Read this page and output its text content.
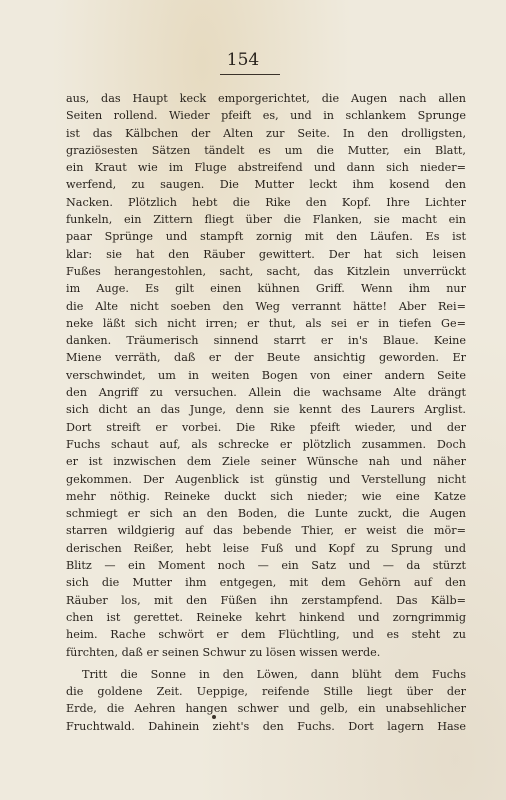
154
aus, das Haupt keck emporgerichtet, die Augen nach allen
Seiten rollend. Wieder pfeift es, und in schlankem Sprunge
ist das Kälbchen der Alten zur Seite. In den drolligsten,
graziösesten Sätzen tändelt es um die Mutter, ein Blatt,
ein Kraut wie im Fluge abstreifend und dann sich nieder=
werfend, zu saugen. Die Mutter leckt ihm kosend den
Nacken. Plötzlich hebt die Rike den Kopf. Ihre Lichter
funkeln, ein Zittern fliegt über die Flanken, sie macht ein
paar Sprünge und stampft zornig mit den Läufen. Es ist
klar: sie hat den Räuber gewittert. Der hat sich leisen
Fußes herangestohlen, sacht, sacht, das Kitzlein unverrückt
im Auge. Es gilt einen kühnen Griff. Wenn ihm nur
die Alte nicht soeben den Weg verrannt hätte! Aber Rei=
neke läßt sich nicht irren; er thut, als sei er in tiefen Ge=
danken. Träumerisch sinnend starrt er in's Blaue. Keine
Miene verräth, daß er der Beute ansichtig geworden. Er
verschwindet, um in weiten Bogen von einer andern Seite
den Angriff zu versuchen. Allein die wachsame Alte drängt
sich dicht an das Junge, denn sie kennt des Laurers Arglist.
Dort streift er vorbei. Die Rike pfeift wieder, und der
Fuchs schaut auf, als schrecke er plötzlich zusammen. Doch
er ist inzwischen dem Ziele seiner Wünsche nah und näher
gekommen. Der Augenblick ist günstig und Verstellung nicht
mehr nöthig. Reineke duckt sich nieder; wie eine Katze
schmiegt er sich an den Boden, die Lunte zuckt, die Augen
starren wildgierig auf das bebende Thier, er weist die mör=
derischen Reißer, hebt leise Fuß und Kopf zu Sprung und
Blitz — ein Moment noch — ein Satz und — da stürzt
sich die Mutter ihm entgegen, mit dem Gehörn auf den
Räuber los, mit den Füßen ihn zerstampfend. Das Kälb=
chen ist gerettet. Reineke kehrt hinkend und zorngrimmig
heim. Rache schwört er dem Flüchtling, und es steht zu
fürchten, daß er seinen Schwur zu lösen wissen werde.
Tritt die Sonne in den Löwen, dann blüht dem Fuchs
die goldene Zeit. Ueppige, reifende Stille liegt über der
Erde, die Aehren hangen schwer und gelb, ein unabsehlicher
Fruchtwald. Dahinein zieht's den Fuchs. Dort lagern Hase
